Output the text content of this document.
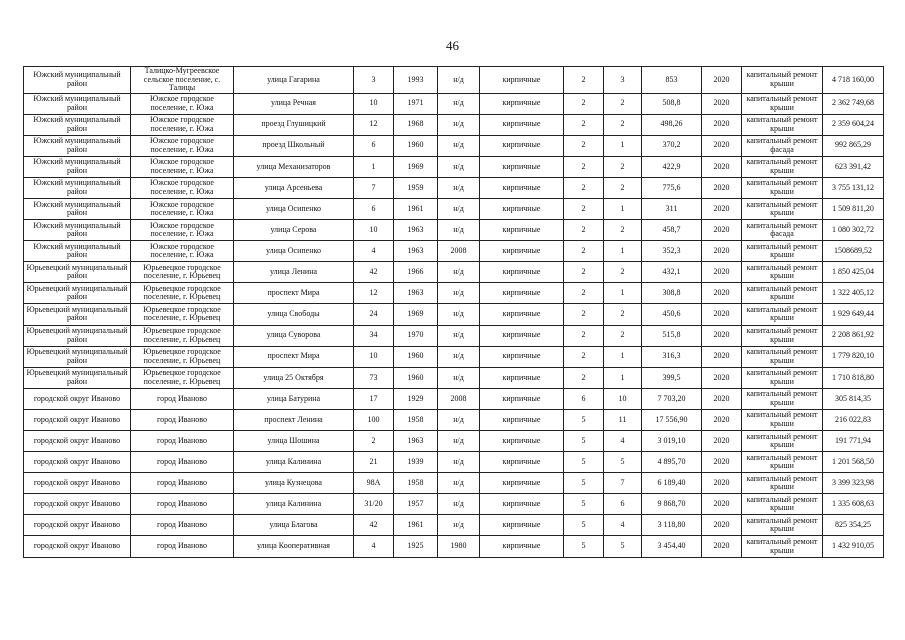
46
Южский муниципальный район	Талицко-Мугреевское сельское поселение, с. Талицы	улица Гагарина	3	1993	н/д	кирпичные	2	3	853	2020	капитальный ремонт крыши	4 718 160,00
Южский муниципальный район	Южское городское поселение, г. Южа	улица Речная	10	1971	н/д	кирпичные	2	2	508,8	2020	капитальный ремонт крыши	2 362 749,68
Южский муниципальный район	Южское городское поселение, г. Южа	проезд Глушицкий	12	1968	н/д	кирпичные	2	2	498,26	2020	капитальный ремонт крыши	2 359 604,24
Южский муниципальный район	Южское городское поселение, г. Южа	проезд Школьный	6	1960	н/д	кирпичные	2	1	370,2	2020	капитальный ремонт фасада	992 865,29
Южский муниципальный район	Южское городское поселение, г. Южа	улица Механизаторов	1	1969	н/д	кирпичные	2	2	422,9	2020	капитальный ремонт крыши	623 391,42
Южский муниципальный район	Южское городское поселение, г. Южа	улица Арсеньева	7	1959	н/д	кирпичные	2	2	775,6	2020	капитальный ремонт крыши	3 755 131,12
Южский муниципальный район	Южское городское поселение, г. Южа	улица Осипенко	6	1961	н/д	кирпичные	2	1	311	2020	капитальный ремонт крыши	1 509 811,20
Южский муниципальный район	Южское городское поселение, г. Южа	улица Серова	10	1963	н/д	кирпичные	2	2	458,7	2020	капитальный ремонт фасада	1 080 302,72
Южский муниципальный район	Южское городское поселение, г. Южа	улица Осипенко	4	1963	2008	кирпичные	2	1	352,3	2020	капитальный ремонт крыши	1508689,52
Юрьевецкий муниципальный район	Юрьевецкое городское поселение, г. Юрьевец	улица Ленина	42	1966	н/д	кирпичные	2	2	432,1	2020	капитальный ремонт крыши	1 850 425,04
Юрьевецкий муниципальный район	Юрьевецкое городское поселение, г. Юрьевец	проспект Мира	12	1963	н/д	кирпичные	2	1	308,8	2020	капитальный ремонт крыши	1 322 405,12
Юрьевецкий муниципальный район	Юрьевецкое городское поселение, г. Юрьевец	улица Свободы	24	1969	н/д	кирпичные	2	2	450,6	2020	капитальный ремонт крыши	1 929 649,44
Юрьевецкий муниципальный район	Юрьевецкое городское поселение, г. Юрьевец	улица Суворова	34	1970	н/д	кирпичные	2	2	515,8	2020	капитальный ремонт крыши	2 208 861,92
Юрьевецкий муниципальный район	Юрьевецкое городское поселение, г. Юрьевец	проспект Мира	10	1960	н/д	кирпичные	2	1	316,3	2020	капитальный ремонт крыши	1 779 820,10
Юрьевецкий муниципальный район	Юрьевецкое городское поселение, г. Юрьевец	улица 25 Октября	73	1960	н/д	кирпичные	2	1	399,5	2020	капитальный ремонт крыши	1 710 818,80
городской округ Иваново	город Иваново	улица Батурина	17	1929	2008	кирпичные	6	10	7 703,20	2020	капитальный ремонт крыши	305 814,35
городской округ Иваново	город Иваново	проспект Ленина	100	1958	н/д	кирпичные	5	11	17 556,90	2020	капитальный ремонт крыши	216 022,83
городской округ Иваново	город Иваново	улица Шошина	2	1963	н/д	кирпичные	5	4	3 019,10	2020	капитальный ремонт крыши	191 771,94
городской округ Иваново	город Иваново	улица Калинина	21	1939	н/д	кирпичные	5	5	4 895,70	2020	капитальный ремонт крыши	1 201 568,50
городской округ Иваново	город Иваново	улица Кузнецова	98А	1958	н/д	кирпичные	5	7	6 189,40	2020	капитальный ремонт крыши	3 399 323,98
городской округ Иваново	город Иваново	улица Калинина	31/20	1957	н/д	кирпичные	5	6	9 868,70	2020	капитальный ремонт крыши	1 335 608,63
городской округ Иваново	город Иваново	улица Благова	42	1961	н/д	кирпичные	5	4	3 118,80	2020	капитальный ремонт крыши	825 354,25
городской округ Иваново	город Иваново	улица Кооперативная	4	1925	1980	кирпичные	5	5	3 454,40	2020	капитальный ремонт крыши	1 432 910,05
